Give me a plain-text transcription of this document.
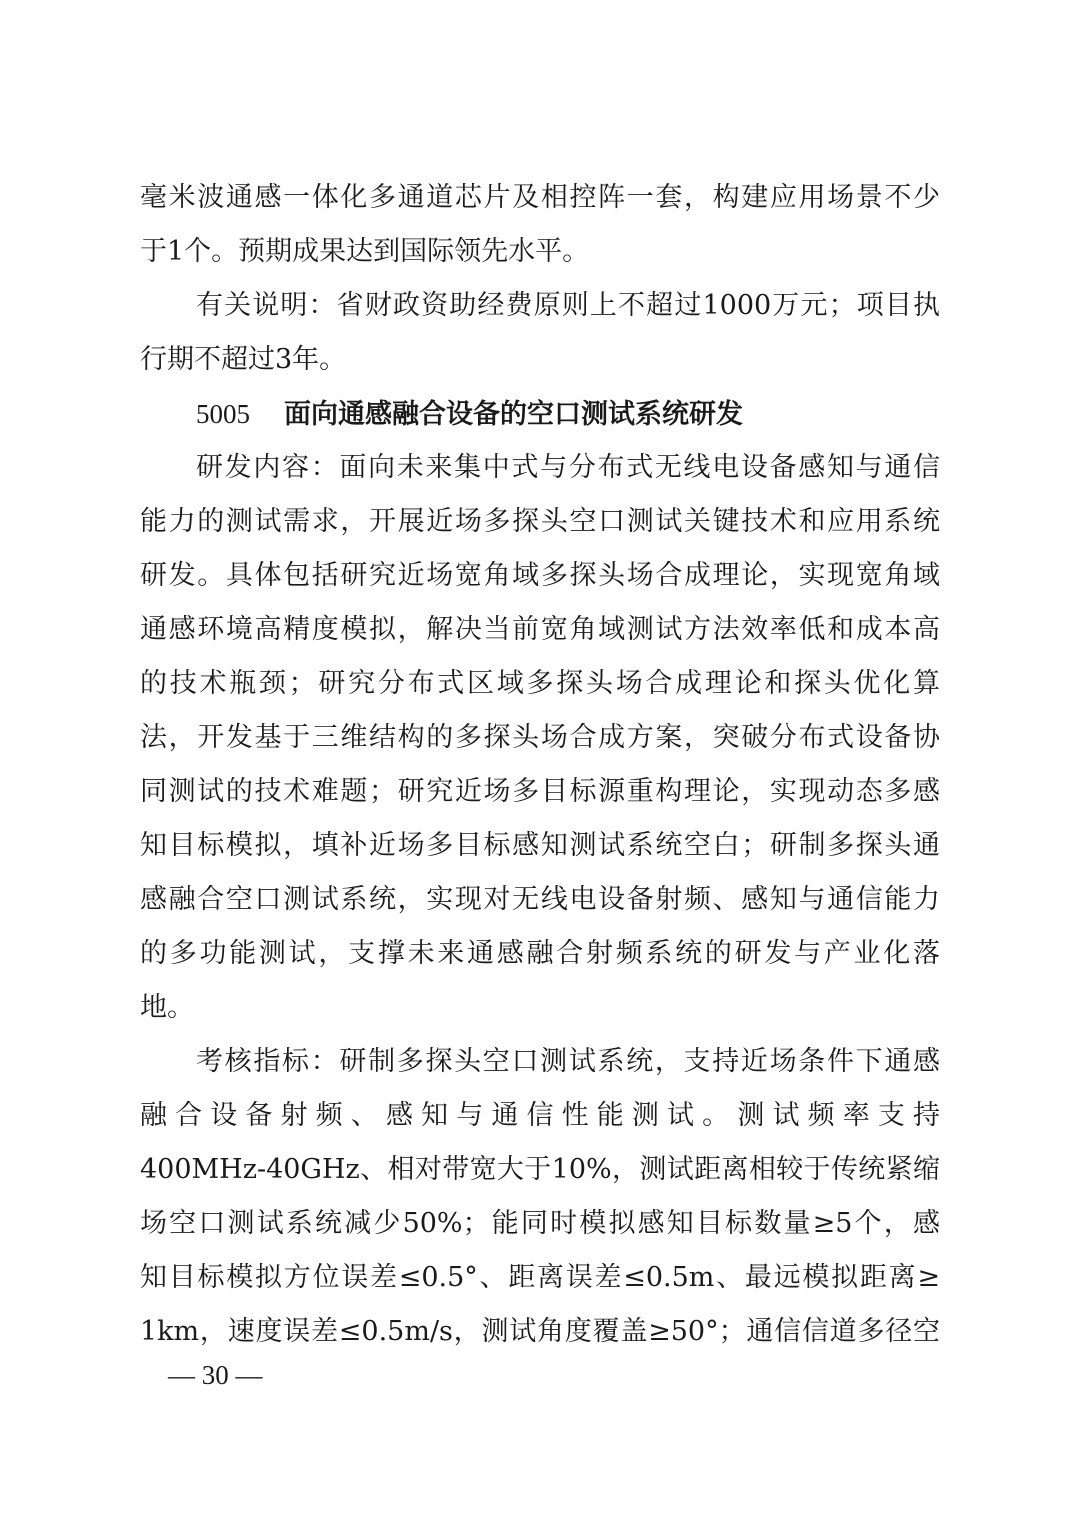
毫米波通感一体化多通道芯片及相控阵一套，构建应用场景不少
于1个。预期成果达到国际领先水平。
有关说明：省财政资助经费原则上不超过1000万元；项目执
行期不超过3年。
5005 面向通感融合设备的空口测试系统研发
研发内容：面向未来集中式与分布式无线电设备感知与通信
能力的测试需求，开展近场多探头空口测试关键技术和应用系统
研发。具体包括研究近场宽角域多探头场合成理论，实现宽角域
通感环境高精度模拟，解决当前宽角域测试方法效率低和成本高
的技术瓶颈；研究分布式区域多探头场合成理论和探头优化算
法，开发基于三维结构的多探头场合成方案，突破分布式设备协
同测试的技术难题；研究近场多目标源重构理论，实现动态多感
知目标模拟，填补近场多目标感知测试系统空白；研制多探头通
感融合空口测试系统，实现对无线电设备射频、感知与通信能力
的多功能测试，支撑未来通感融合射频系统的研发与产业化落
地。
考核指标：研制多探头空口测试系统，支持近场条件下通感
融合设备射频、感知与通信性能测试。测试频率支持
400MHz-40GHz、相对带宽大于10%，测试距离相较于传统紧缩
场空口测试系统减少50%；能同时模拟感知目标数量≥5个，感
知目标模拟方位误差≤0.5°、距离误差≤0.5m、最远模拟距离≥
1km，速度误差≤0.5m/s，测试角度覆盖≥50°；通信信道多径空
— 30 —
